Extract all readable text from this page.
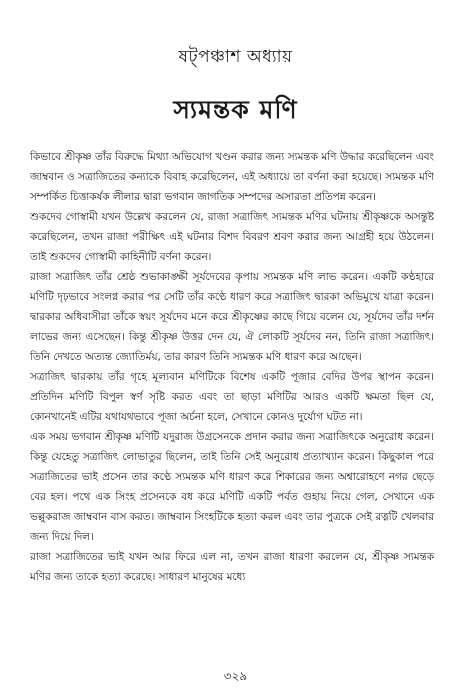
ষট্‌পঞ্চাশ অধ্যায়
স্যমন্তক মণি

কিভাবে শ্রীকৃষ্ণ তাঁর বিরুদ্ধে মিথ্যা অভিযোগ খণ্ডন করার জন্য স্যমন্তক মণি উদ্ধার করেছিলেন এবং জাম্ববান ও সত্রাজিতের কন্যাকে বিবাহ করেছিলেন, এই অধ্যায়ে তা বর্ণনা করা হয়েছে। স্যমন্তক মণি সম্পর্কিত চিত্তাকর্ষক লীলার দ্বারা ভগবান জাগতিক সম্পদের অসারতা প্রতিপন্ন করেন।

শুকদেব গোস্বামী যখন উল্লেখ করলেন যে, রাজা সত্রাজিৎ স্যমন্তক মণির ঘটনায় শ্রীকৃষ্ণকে অসন্তুষ্ট করেছিলেন, তখন রাজা পরীক্ষিৎ এই ঘটনার বিশদ বিবরণ শ্রবণ করার জন্য আগ্রহী হয়ে উঠলেন। তাই শুকদেব গোস্বামী কাহিনীটি বর্ণনা করেন।

রাজা সত্রাজিৎ তাঁর শ্রেষ্ঠ শুভাকাঙ্ক্ষী সূর্যদেবের কৃপায় স্যমন্তক মণি লাভ করেন। একটি কণ্ঠহারে মণিটি দৃঢ়ভাবে সংলগ্ন করার পর সেটি তাঁর কণ্ঠে ধারণ করে সত্রাজিৎ দ্বারকা অভিমুখে যাত্রা করেন। দ্বারকার অধিবাসীরা তাঁকে স্বয়ং সূর্যদেব মনে করে শ্রীকৃষ্ণের কাছে গিয়ে বলেন যে, সূর্যদেব তাঁর দর্শন লাভের জন্য এসেছেন। কিন্তু শ্রীকৃষ্ণ উত্তর দেন যে, ঐ লোকটি সূর্যদেব নন, তিনি রাজা সত্রাজিৎ। তিনি দেখতে অত্যন্ত জ্যোতির্ময়, তার কারণ তিনি স্যমন্তক মণি ধারণ করে আছেন।

সত্রাজিৎ দ্বারকায় তাঁর গৃহে মূল্যবান মণিটিকে বিশেষ একটি পূজার বেদির উপর স্থাপন করেন। প্রতিদিন মণিটি বিপুল স্বর্ণ সৃষ্টি করত এবং তা ছাড়া মণিটির আরও একটি ক্ষমতা ছিল যে, কোনখানেই এটির যথাযথভাবে পূজা অর্চনা হলে, সেখানে কোনও দুর্যোগ ঘটত না।

এক সময় ভগবান শ্রীকৃষ্ণ মণিটি যদুরাজ উগ্রসেনকে প্রদান করার জন্য সত্রাজিৎকে অনুরোধ করেন। কিন্তু যেহেতু সত্রাজিৎ লোভাতুর ছিলেন, তাই তিনি সেই অনুরোধ প্রত্যাখ্যান করেন। কিছুকাল পরে সত্রাজিতের ভাই প্রসেন তার কণ্ঠে স্যমন্তক মণি ধারণ করে শিকারের জন্য অশ্বারোহণে নগর ছেড়ে বের হল। পথে এক সিংহ প্রসেনকে বধ করে মণিটি একটি পর্বত গুহায় নিয়ে গেল, সেখানে এক ভল্লুকরাজ জাম্ববান বাস করত। জাম্ববান সিংহটিকে হত্যা করল এবং তার পুত্রকে সেই রত্নটি খেলবার জন্য দিয়ে দিল।

রাজা সত্রাজিতের ভাই যখন আর ফিরে এল না, তখন রাজা ধারণা করলেন যে, শ্রীকৃষ্ণ স্যমন্তক মণির জন্য তাকে হত্যা করেছে। সাধারণ মানুষের মধ্যে

৩২৯
